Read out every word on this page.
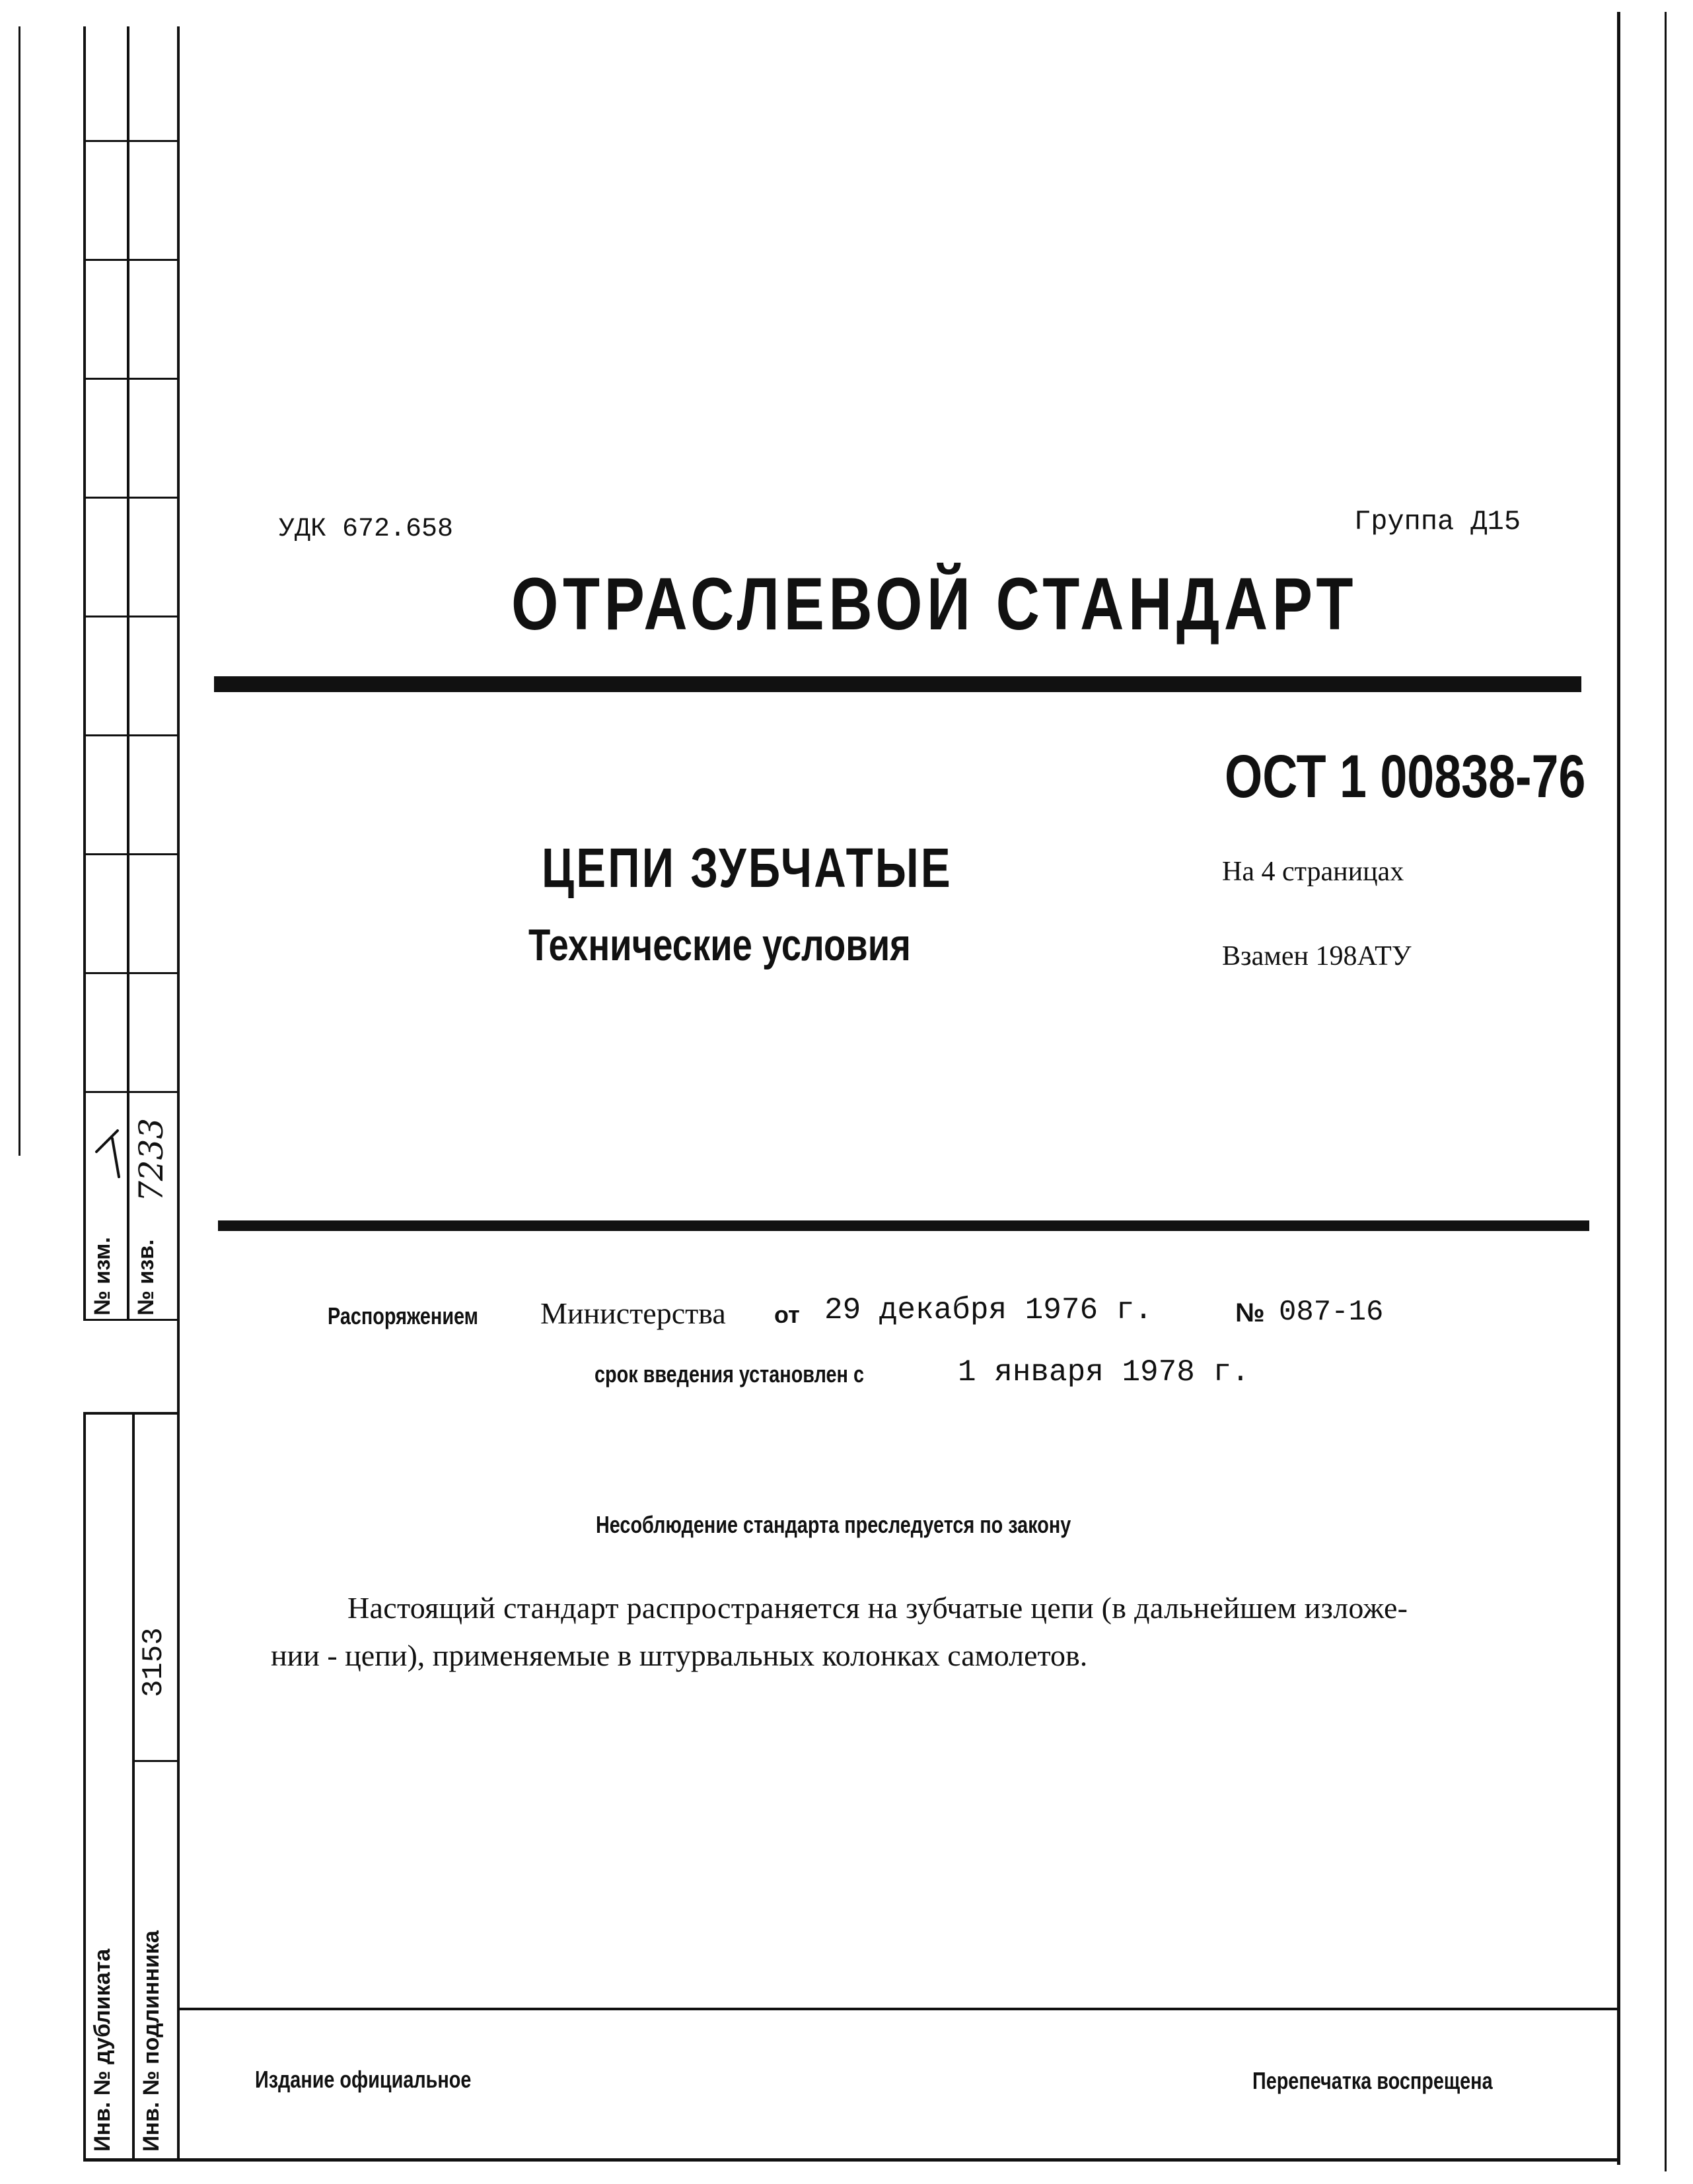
№ изм. № изв.
7233
3153
Инв. № дубликата Инв. № подлинника
УДК 672.658	Группа Д15
ОТРАСЛЕВОЙ СТАНДАРТ
ОСТ 1 00838-76
На 4 страницах
Взамен 198АТУ
ЦЕПИ ЗУБЧАТЫЕ
Технические условия
Распоряжением Министерства от 29 декабря 1976 г.	№ 087-16
срок введения установлен с	1 января 1978 г.
Несоблюдение стандарта преследуется по закону
Настоящий стандарт распространяется на зубчатые цепи (в дальнейшем изложе-
нии - цепи), применяемые в штурвальных колонках самолетов.
Издание официальное	Перепечатка воспрещена
